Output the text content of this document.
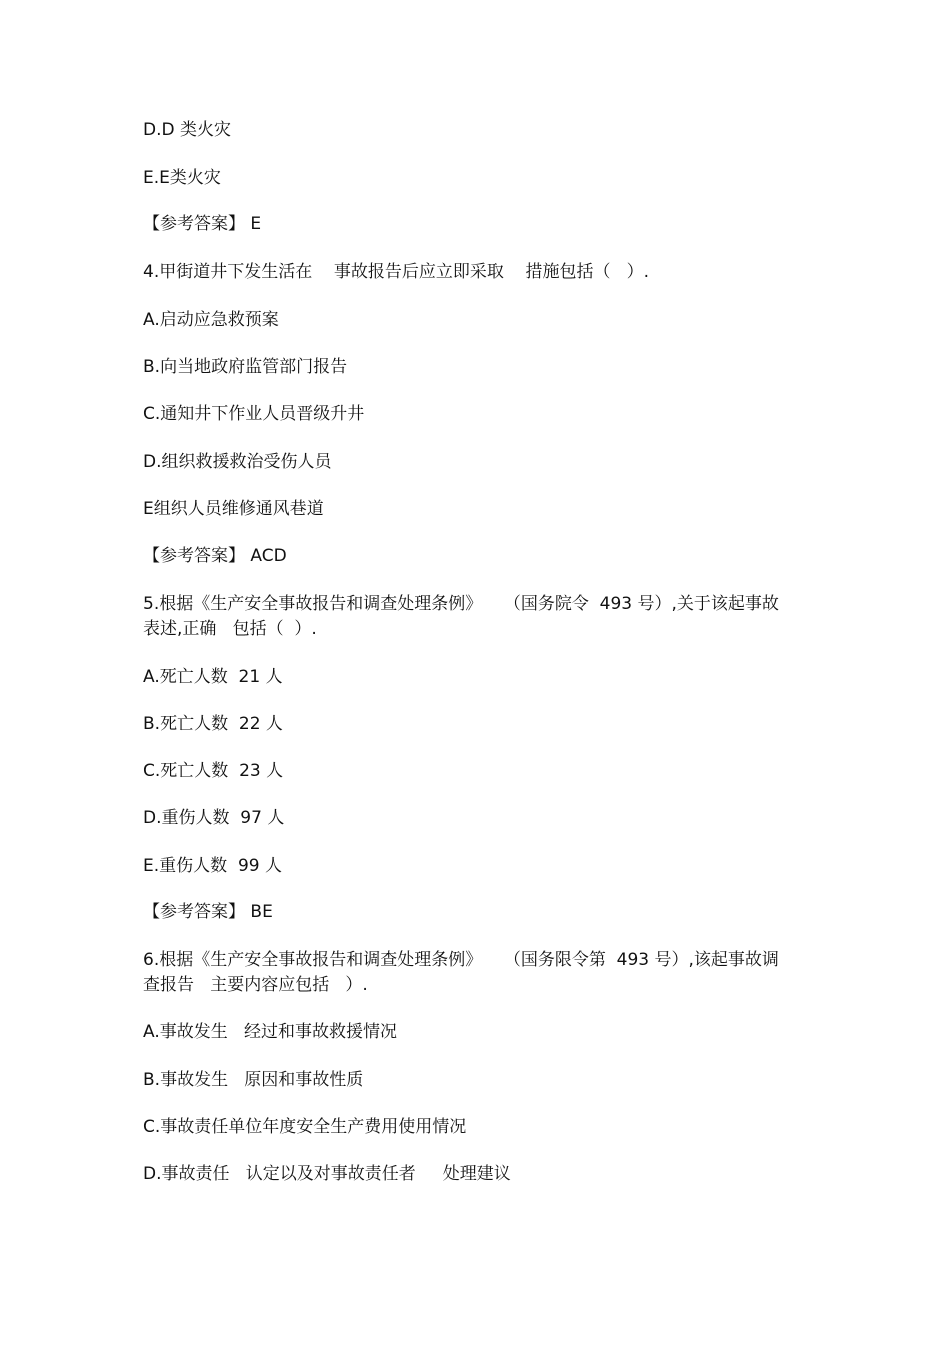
D.D 类火灾
E.E类火灾
【参考答案】 E
4.甲街道井下发生活在    事故报告后应立即采取    措施包括（   ）.
A.启动应急救预案
B.向当地政府监管部门报告
C.通知井下作业人员晋级升井
D.组织救援救治受伤人员
E组织人员维修通风巷道
【参考答案】 ACD
5.根据《生产安全事故报告和调查处理条例》    （国务院令  493 号）,关于该起事故
表述,正确   包括（  ）.
A.死亡人数  21 人
B.死亡人数  22 人
C.死亡人数  23 人
D.重伤人数  97 人
E.重伤人数  99 人
【参考答案】 BE
6.根据《生产安全事故报告和调查处理条例》    （国务限令第  493 号）,该起事故调
查报告   主要内容应包括   ）.
A.事故发生   经过和事故救援情况
B.事故发生   原因和事故性质
C.事故责任单位年度安全生产费用使用情况
D.事故责任   认定以及对事故责任者     处理建议
